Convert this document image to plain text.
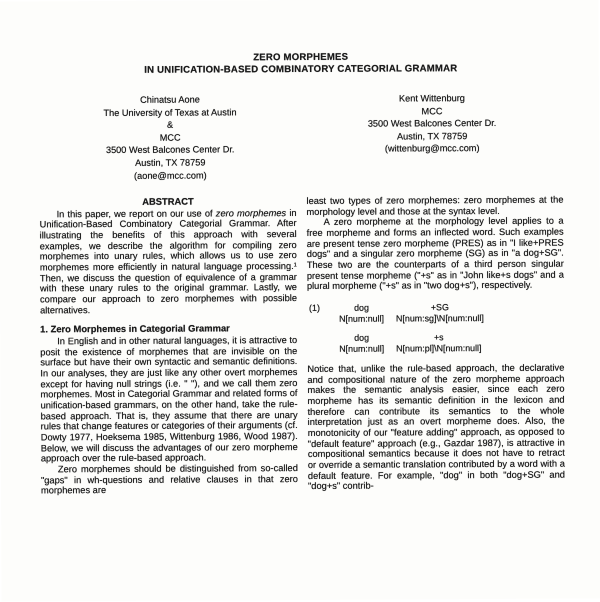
ZERO MORPHEMES
IN UNIFICATION-BASED COMBINATORY CATEGORIAL GRAMMAR
Chinatsu Aone
The University of Texas at Austin
&
MCC
3500 West Balcones Center Dr.
Austin, TX 78759
(aone@mcc.com)
Kent Wittenburg
MCC
3500 West Balcones Center Dr.
Austin, TX 78759
(wittenburg@mcc.com)
ABSTRACT

In this paper, we report on our use of zero morphemes in Unification-Based Combinatory Categorial Grammar. After illustrating the benefits of this approach with several examples, we describe the algorithm for compiling zero morphemes into unary rules, which allows us to use zero morphemes more efficiently in natural language processing.¹ Then, we discuss the question of equivalence of a grammar with these unary rules to the original grammar. Lastly, we compare our approach to zero morphemes with possible alternatives.

1. Zero Morphemes in Categorial Grammar

In English and in other natural languages, it is attractive to posit the existence of morphemes that are invisible on the surface but have their own syntactic and semantic definitions. In our analyses, they are just like any other overt morphemes except for having null strings (i.e. " "), and we call them zero morphemes. Most in Categorial Grammar and related forms of unification-based grammars, on the other hand, take the rule-based approach. That is, they assume that there are unary rules that change features or categories of their arguments (cf. Dowty 1977, Hoeksema 1985, Wittenburg 1986, Wood 1987). Below, we will discuss the advantages of our zero morpheme approach over the rule-based approach.

Zero morphemes should be distinguished from so-called "gaps" in wh-questions and relative clauses in that zero morphemes are

least two types of zero morphemes: zero morphemes at the morphology level and those at the syntax level.

A zero morpheme at the morphology level applies to a free morpheme and forms an inflected word. Such examples are present tense zero morpheme (PRES) as in "I like+PRES dogs" and a singular zero morpheme (SG) as in "a dog+SG". These two are the counterparts of a third person singular present tense morpheme ("+s" as in "John like+s dogs" and a plural morpheme ("+s" as in "two dog+s"), respectively.

(1)	dog
N[num:null]
+SG
N[num:sg]\N[num:null]
dog
N[num:null]
+s
N[num:pl]\N[num:null]

Notice that, unlike the rule-based approach, the declarative and compositional nature of the zero morpheme approach makes the semantic analysis easier, since each zero morpheme has its semantic definition in the lexicon and therefore can contribute its semantics to the whole interpretation just as an overt morpheme does. Also, the monotonicity of our "feature adding" approach, as opposed to "default feature" approach (e.g., Gazdar 1987), is attractive in compositional semantics because it does not have to retract or override a semantic translation contributed by a word with a default feature. For example, "dog" in both "dog+SG" and "dog+s" contrib-
